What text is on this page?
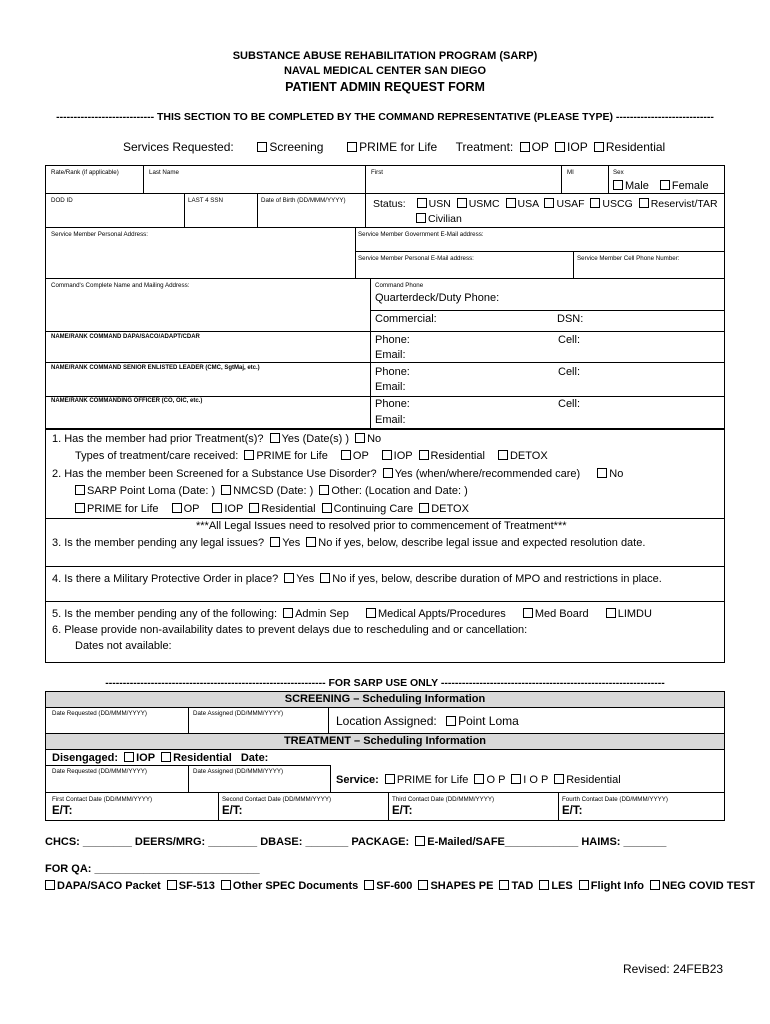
SUBSTANCE ABUSE REHABILITATION PROGRAM (SARP)
NAVAL MEDICAL CENTER SAN DIEGO
PATIENT ADMIN REQUEST FORM
---------------------------- THIS SECTION TO BE COMPLETED BY THE COMMAND REPRESENTATIVE (PLEASE TYPE) ----------------------------
Services Requested:	Screening	PRIME for Life Treatment: OP IOP Residential
Rate/Rank (if applicable)	Last Name	First	MI	Sex
Male Female
DOD ID	LAST 4 SSN	Date of Birth (DD/MMM/YYYY)	Status: USN USMC USA USAF USCG Reservist/TAR
Civilian
Service Member Personal Address:	Service Member Government E-Mail address:
Service Member Personal E-Mail address:	Service Member Cell Phone Number:
Command's Complete Name and Mailing Address:	Command Phone
Quarterdeck/Duty Phone:
Commercial:	DSN:
NAME/RANK COMMAND DAPA/SACO/ADAPT/CDAR	Phone:	Cell:
Email:
NAME/RANK COMMAND SENIOR ENLISTED LEADER (CMC, SgtMaj, etc.)	Phone:	Cell:
Email:
NAME/RANK COMMANDING OFFICER (CO, OIC, etc.)	Phone:	Cell:
Email:
1. Has the member had prior Treatment(s)? Yes (Date(s) ) No
Types of treatment/care received: PRIME for Life OP IOP Residential DETOX
2. Has the member been Screened for a Substance Use Disorder? Yes (when/where/recommended care)	No
SARP Point Loma (Date: ) NMCSD (Date: ) Other: (Location and Date: )
PRIME for Life OP IOP Residential Continuing Care DETOX
***All Legal Issues need to resolved prior to commencement of Treatment***
3. Is the member pending any legal issues? Yes No if yes, below, describe legal issue and expected resolution date.
4. Is there a Military Protective Order in place? Yes No if yes, below, describe duration of MPO and restrictions in place.
5. Is the member pending any of the following: Admin Sep	Medical Appts/Procedures	Med Board	LIMDU
6. Please provide non-availability dates to prevent delays due to rescheduling and or cancellation:
Dates not available:
--------------------------------------------------------------- FOR SARP USE ONLY ----------------------------------------------------------------
SCREENING – Scheduling Information
Date Requested (DD/MMM/YYYY)	Date Assigned (DD/MMM/YYYY)
Location Assigned: Point Loma
TREATMENT – Scheduling Information
Disengaged: IOP Residential Date:
Date Requested (DD/MMM/YYYY)	Date Assigned (DD/MMM/YYYY)
Service: PRIME for Life O P I O P Residential
First Contact Date (DD/MMM/YYYY)	Second Contact Date (DD/MMM/YYYY)	Third Contact Date (DD/MMM/YYYY)	Fourth Contact Date (DD/MMM/YYYY)
E/T:	E/T:	E/T:	E/T:
CHCS: ________ DEERS/MRG: ________ DBASE: _______ PACKAGE: E-Mailed/SAFE____________ HAIMS: _______
FOR QA: ___________________________
DAPA/SACO Packet SF-513 Other SPEC Documents SF-600 SHAPES PE TAD LES Flight Info NEG COVID TEST
Revised: 24FEB23
